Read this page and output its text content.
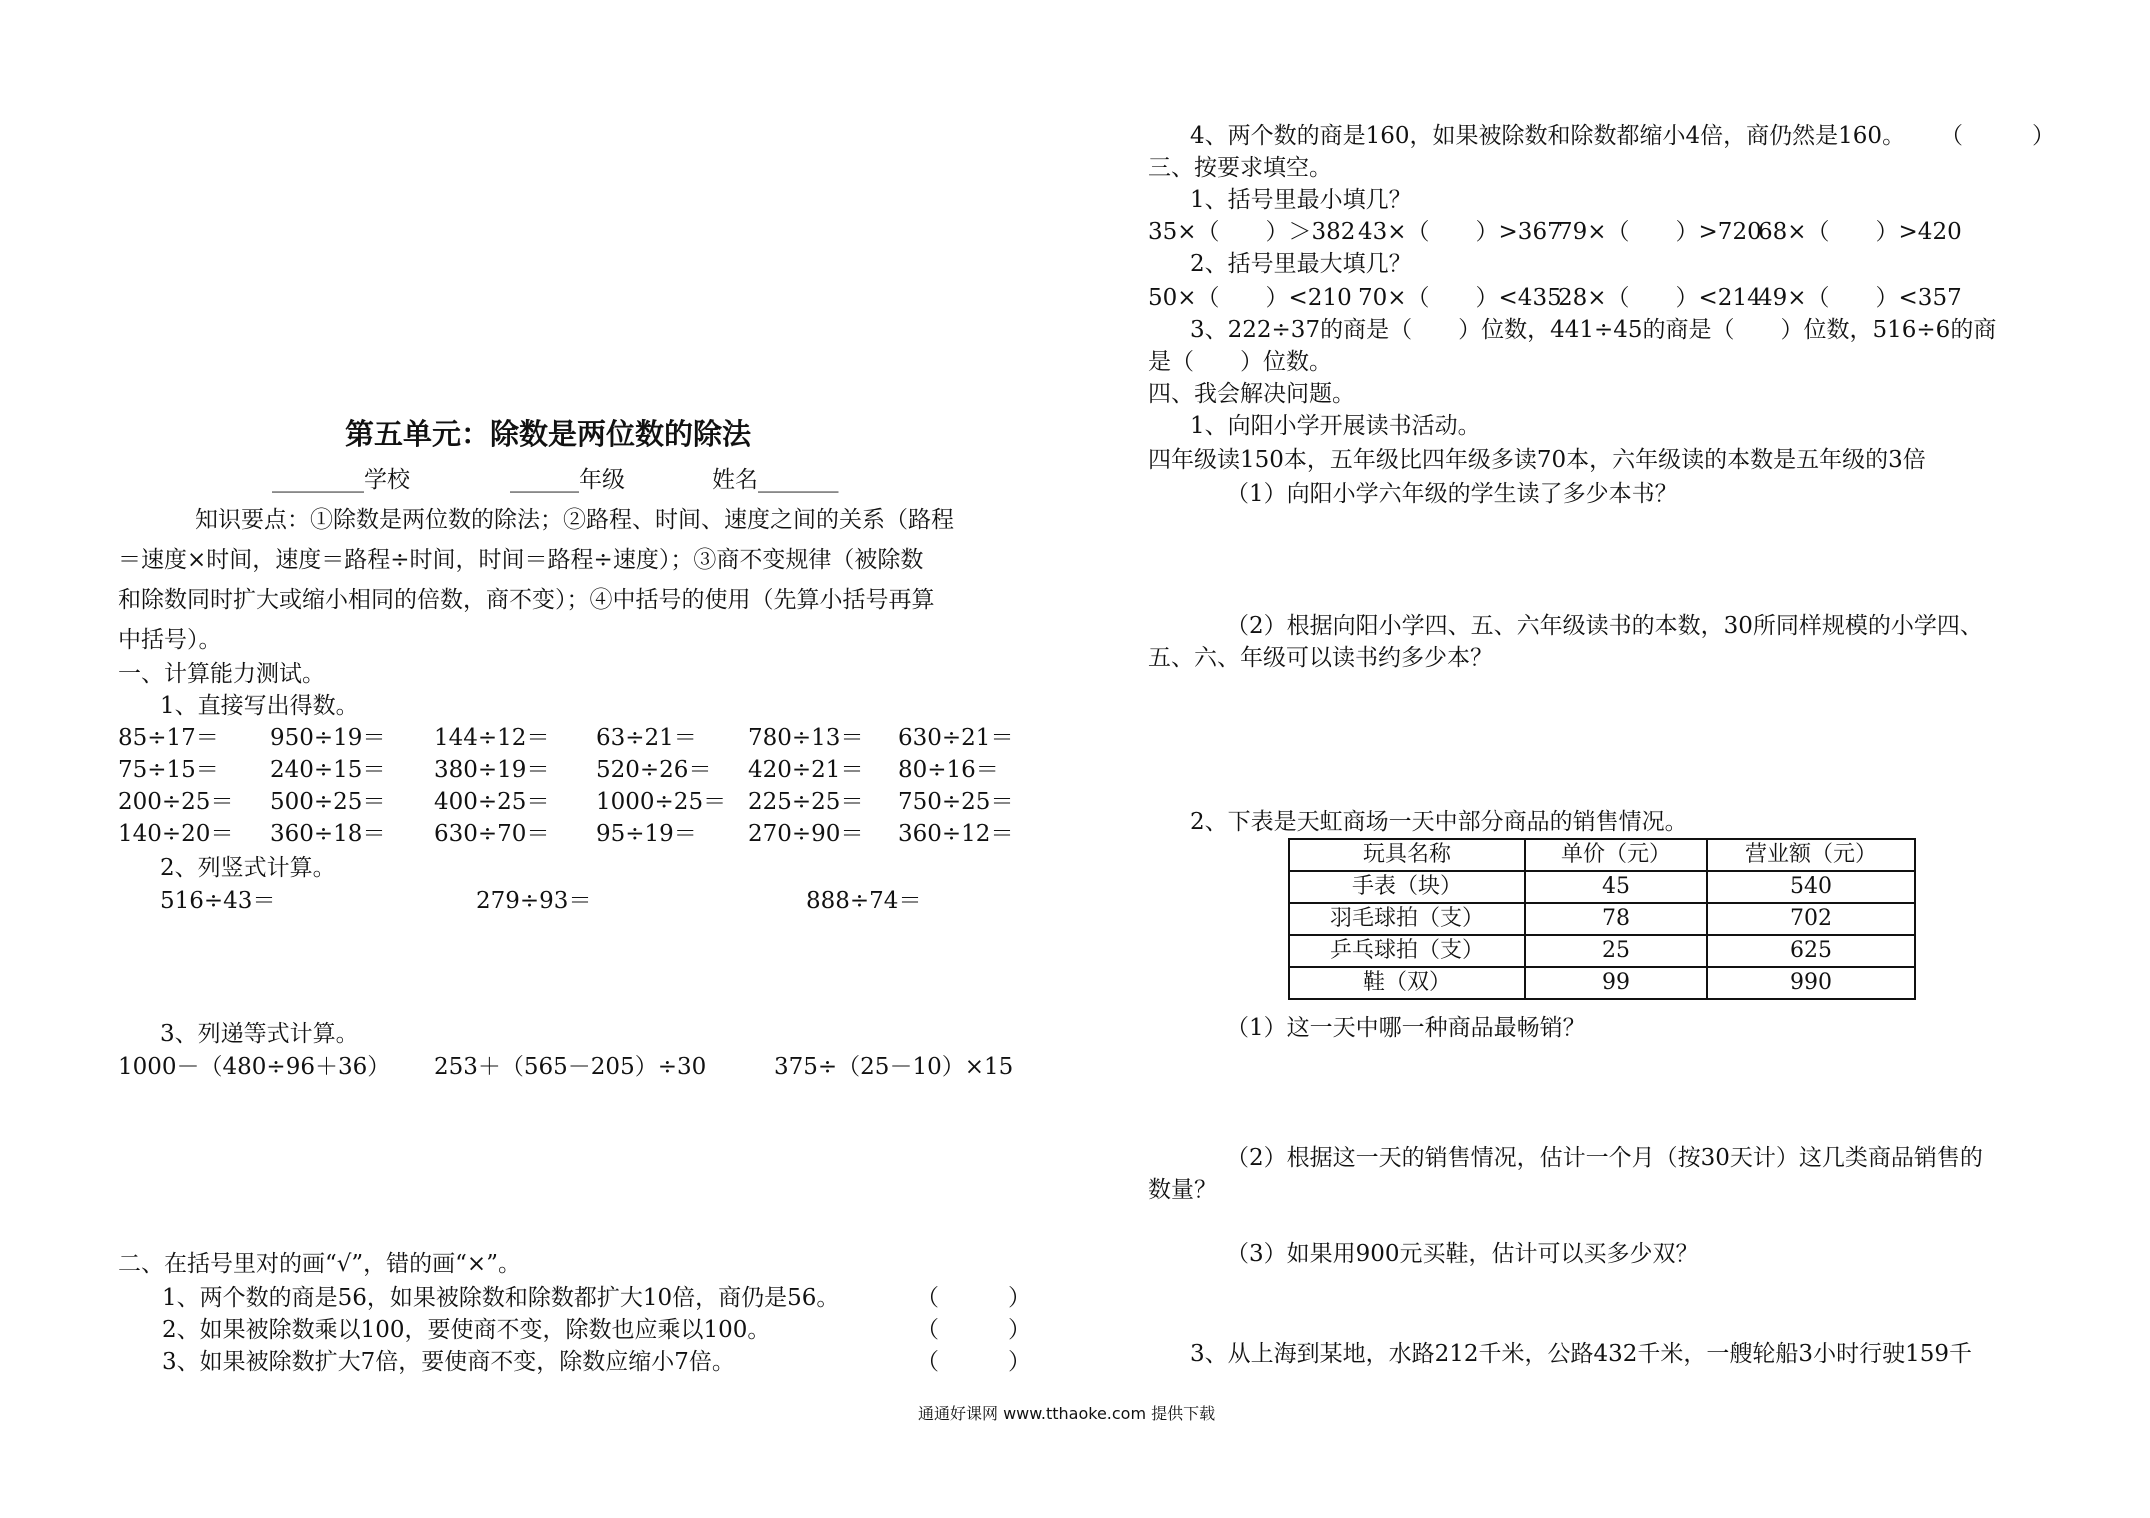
第五单元：除数是两位数的除法
________学校	______年级	姓名_______
知识要点：①除数是两位数的除法；②路程、时间、速度之间的关系（路程
＝速度×时间，速度＝路程÷时间，时间＝路程÷速度）；③商不变规律（被除数
和除数同时扩大或缩小相同的倍数，商不变）；④中括号的使用（先算小括号再算
中括号）。
一、计算能力测试。
1、直接写出得数。
85÷17＝ 950÷19＝ 144÷12＝ 63÷21＝ 780÷13＝ 630÷21＝
75÷15＝ 240÷15＝ 380÷19＝ 520÷26＝ 420÷21＝ 80÷16＝
200÷25＝ 500÷25＝ 400÷25＝ 1000÷25＝ 225÷25＝ 750÷25＝
140÷20＝ 360÷18＝ 630÷70＝ 95÷19＝ 270÷90＝ 360÷12＝
2、列竖式计算。
516÷43＝	279÷93＝	888÷74＝
3、列递等式计算。
1000－（480÷96＋36） 253＋（565－205）÷30	375÷（25－10）×15
二、在括号里对的画“√”，错的画“×”。
1、两个数的商是56，如果被除数和除数都扩大10倍，商仍是56。	（　　　）
2、如果被除数乘以100，要使商不变，除数也应乘以100。	（　　　）
3、如果被除数扩大7倍，要使商不变，除数应缩小7倍。	（　　　）
4、两个数的商是160，如果被除数和除数都缩小4倍，商仍然是160。 （　　　）
三、按要求填空。
1、括号里最小填几？
35×（　　）＞382 43×（　　）>367
79×（　　）>720
68×（　　）>420
2、括号里最大填几？
50×（　　）<210 70×（　　）<435
28×（　　）<214
49×（　　）<357
3、222÷37的商是（　　）位数，441÷45的商是（　　）位数，516÷6的商
是（　　）位数。
四、我会解决问题。
1、向阳小学开展读书活动。
四年级读150本，五年级比四年级多读70本，六年级读的本数是五年级的3倍
（1）向阳小学六年级的学生读了多少本书？
（2）根据向阳小学四、五、六年级读书的本数，30所同样规模的小学四、
五、六、年级可以读书约多少本？
2、下表是天虹商场一天中部分商品的销售情况。
玩具名称	单价（元）	营业额（元）
手表（块）	45	540
羽毛球拍（支）	78	702
乒乓球拍（支）	25	625
鞋（双）	99	990
（1）这一天中哪一种商品最畅销？
（2）根据这一天的销售情况，估计一个月（按30天计）这几类商品销售的
数量？
（3）如果用900元买鞋，估计可以买多少双？
3、从上海到某地，水路212千米，公路432千米，一艘轮船3小时行驶159千
通通好课网 www.tthaoke.com 提供下载
